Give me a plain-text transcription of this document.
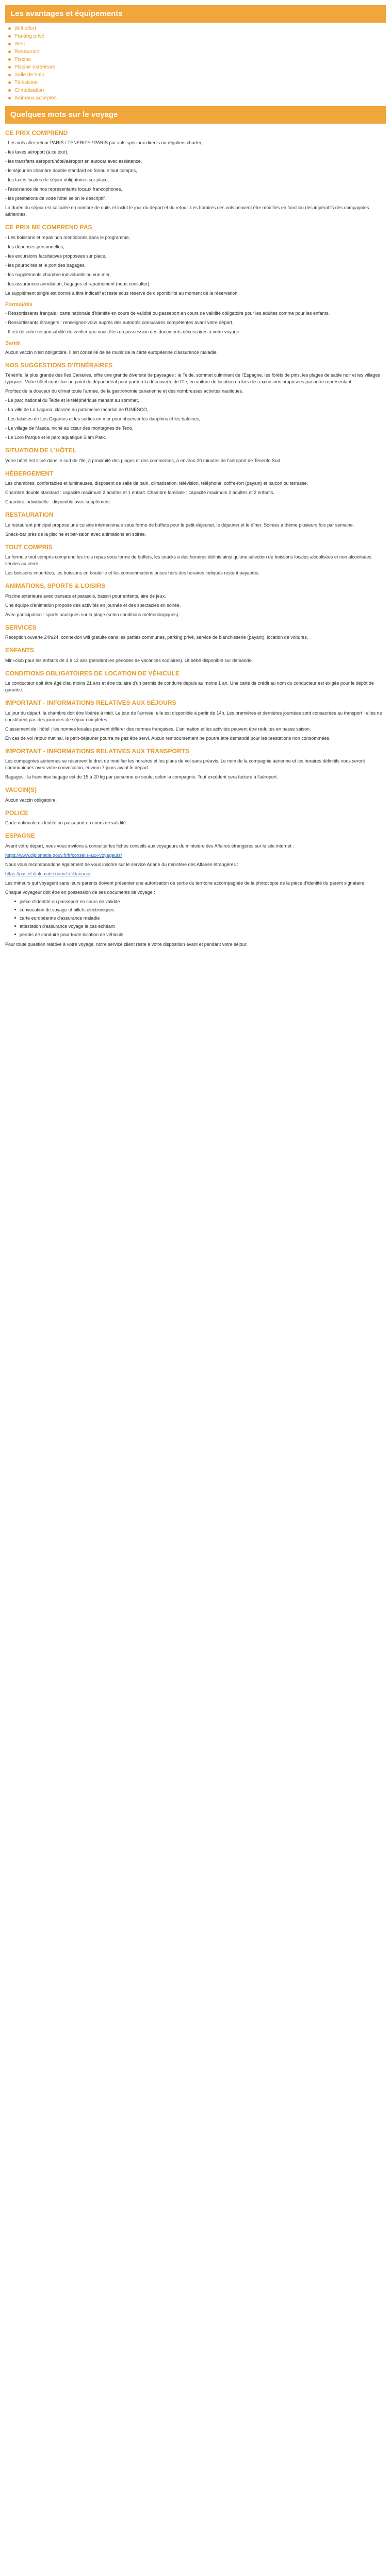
Les avantages et équipements
Wifi offert
Parking privé
WiFi
Restaurant
Piscine
Piscine extérieure
Salle de bain
Télévision
Climatisation
Animaux acceptés
Quelques mots sur le voyage
CE PRIX COMPREND

- Les vols aller-retour PARIS / TENERIFE / PARIS par vols spéciaux directs ou réguliers charter,

- les taxes aéroport (à ce jour),

- les transferts aéroport/hôtel/aéroport en autocar avec assistance,

- le séjour en chambre double standard en formule tout compris,

- les taxes locales de séjour obligatoires sur place,

- l'assistance de nos représentants locaux francophones,

- les prestations de votre hôtel selon le descriptif.

La durée du séjour est calculée en nombre de nuits et inclut le jour du départ et du retour. Les horaires des vols peuvent être modifiés en fonction des impératifs des compagnies aériennes.

CE PRIX NE COMPREND PAS

- Les boissons et repas non mentionnés dans le programme,

- les dépenses personnelles,

- les excursions facultatives proposées sur place,

- les pourboires et le port des bagages,

- les suppléments chambre individuelle ou vue mer,

- les assurances annulation, bagages et rapatriement (nous consulter).

Le supplément single est donné à titre indicatif et reste sous réserve de disponibilité au moment de la réservation.

Formalités

- Ressortissants français : carte nationale d'identité en cours de validité ou passeport en cours de validité obligatoire pour les adultes comme pour les enfants.

- Ressortissants étrangers : renseignez-vous auprès des autorités consulaires compétentes avant votre départ.

- Il est de votre responsabilité de vérifier que vous êtes en possession des documents nécessaires à votre voyage.

Santé

Aucun vaccin n'est obligatoire. Il est conseillé de se munir de la carte européenne d'assurance maladie.

NOS SUGGESTIONS D'ITINÉRAIRES

Ténérife, la plus grande des îles Canaries, offre une grande diversité de paysages : le Teide, sommet culminant de l'Espagne, les forêts de pins, les plages de sable noir et les villages typiques. Votre hôtel constitue un point de départ idéal pour partir à la découverte de l'île, en voiture de location ou lors des excursions proposées par notre représentant.

Profitez de la douceur du climat toute l'année, de la gastronomie canarienne et des nombreuses activités nautiques.

- Le parc national du Teide et le téléphérique menant au sommet,

- La ville de La Laguna, classée au patrimoine mondial de l'UNESCO,

- Les falaises de Los Gigantes et les sorties en mer pour observer les dauphins et les baleines,

- Le village de Masca, niché au cœur des montagnes de Teno,

- Le Loro Parque et le parc aquatique Siam Park.

SITUATION DE L'HÔTEL

Votre hôtel est situé dans le sud de l'île, à proximité des plages et des commerces, à environ 20 minutes de l'aéroport de Tenerife Sud.

HÉBERGEMENT

Les chambres, confortables et lumineuses, disposent de salle de bain, climatisation, télévision, téléphone, coffre-fort (payant) et balcon ou terrasse.

Chambre double standard : capacité maximum 2 adultes et 1 enfant. Chambre familiale : capacité maximum 2 adultes et 2 enfants.

Chambre individuelle : disponible avec supplément.

RESTAURATION

Le restaurant principal propose une cuisine internationale sous forme de buffets pour le petit-déjeuner, le déjeuner et le dîner. Soirées à thème plusieurs fois par semaine.

Snack-bar près de la piscine et bar-salon avec animations en soirée.

TOUT COMPRIS

La formule tout compris comprend les trois repas sous forme de buffets, les snacks à des horaires définis ainsi qu'une sélection de boissons locales alcoolisées et non alcoolisées servies au verre.

Les boissons importées, les boissons en bouteille et les consommations prises hors des horaires indiqués restent payantes.

ANIMATIONS, SPORTS & LOISIRS

Piscine extérieure avec transats et parasols, bassin pour enfants, aire de jeux.

Une équipe d'animation propose des activités en journée et des spectacles en soirée.

Avec participation : sports nautiques sur la plage (selon conditions météorologiques).

SERVICES

Réception ouverte 24h/24, connexion wifi gratuite dans les parties communes, parking privé, service de blanchisserie (payant), location de voitures.

ENFANTS

Mini-club pour les enfants de 4 à 12 ans (pendant les périodes de vacances scolaires). Lit bébé disponible sur demande.

CONDITIONS OBLIGATOIRES DE LOCATION DE VÉHICULE

Le conducteur doit être âgé d'au moins 21 ans et être titulaire d'un permis de conduire depuis au moins 1 an. Une carte de crédit au nom du conducteur est exigée pour le dépôt de garantie.

IMPORTANT - INFORMATIONS RELATIVES AUX SÉJOURS

Le jour du départ, la chambre doit être libérée à midi. Le jour de l'arrivée, elle est disponible à partir de 14h. Les premières et dernières journées sont consacrées au transport : elles ne constituent pas des journées de séjour complètes.

Classement de l'hôtel : les normes locales peuvent différer des normes françaises. L'animation et les activités peuvent être réduites en basse saison.

En cas de vol retour matinal, le petit-déjeuner pourra ne pas être servi. Aucun remboursement ne pourra être demandé pour les prestations non consommées.

IMPORTANT - INFORMATIONS RELATIVES AUX TRANSPORTS

Les compagnies aériennes se réservent le droit de modifier les horaires et les plans de vol sans préavis. Le nom de la compagnie aérienne et les horaires définitifs vous seront communiqués avec votre convocation, environ 7 jours avant le départ.

Bagages : la franchise bagage est de 15 à 20 kg par personne en soute, selon la compagnie. Tout excédent sera facturé à l'aéroport.

VACCIN(S)

Aucun vaccin obligatoire.

POLICE

Carte nationale d'identité ou passeport en cours de validité.

ESPAGNE

Avant votre départ, nous vous invitons à consulter les fiches conseils aux voyageurs du ministère des Affaires étrangères sur le site internet :

https://www.diplomatie.gouv.fr/fr/conseils-aux-voyageurs/

Nous vous recommandons également de vous inscrire sur le service Ariane du ministère des Affaires étrangères :

https://pastel.diplomatie.gouv.fr/fildariane/

Les mineurs qui voyagent sans leurs parents doivent présenter une autorisation de sortie du territoire accompagnée de la photocopie de la pièce d'identité du parent signataire.

Chaque voyageur doit être en possession de ses documents de voyage :

pièce d'identité ou passeport en cours de validité
convocation de voyage et billets électroniques
carte européenne d'assurance maladie
attestation d'assurance voyage le cas échéant
permis de conduire pour toute location de véhicule

Pour toute question relative à votre voyage, notre service client reste à votre disposition avant et pendant votre séjour.
